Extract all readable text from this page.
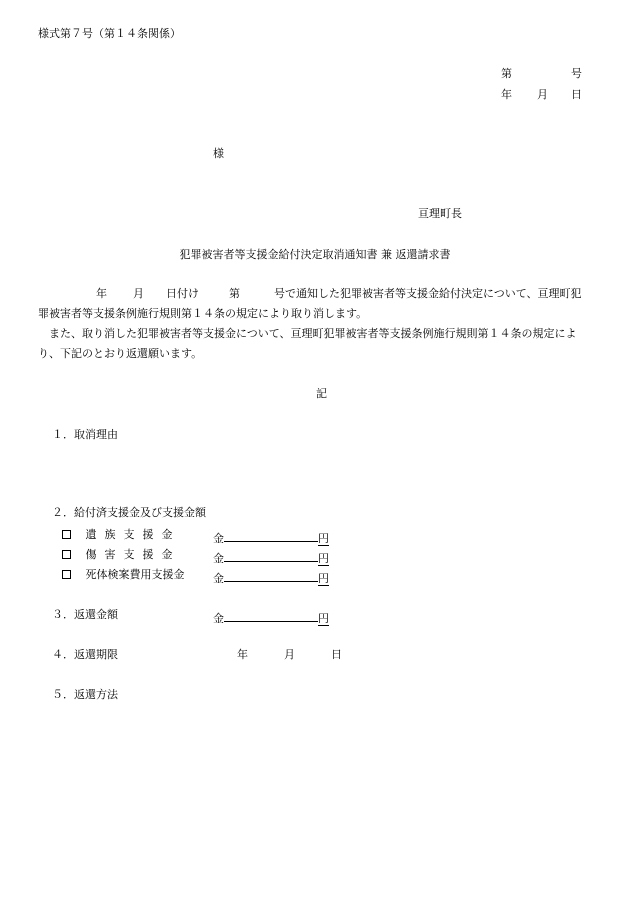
様式第７号（第１４条関係）
第	号
年 月 日
様
亘理町長
犯罪被害者等支援金給付決定取消通知書 兼 返還請求書
年 月 日付け	第	号で通知した犯罪被害者等支援金給付決定について、亘理町犯
罪被害者等支援条例施行規則第１４条の規定により取り消します。
　また、取り消した犯罪被害者等支援金について、亘理町犯罪被害者等支援条例施行規則第１４条の規定によ
り、下記のとおり返還願います。
記
１．取消理由
２．給付済支援金及び支援金額
遺族支援金	金	円
傷害支援金	金	円
死体検案費用支援金	金	円
３．返還金額	金	円
４．返還期限	年	月	日
５．返還方法
